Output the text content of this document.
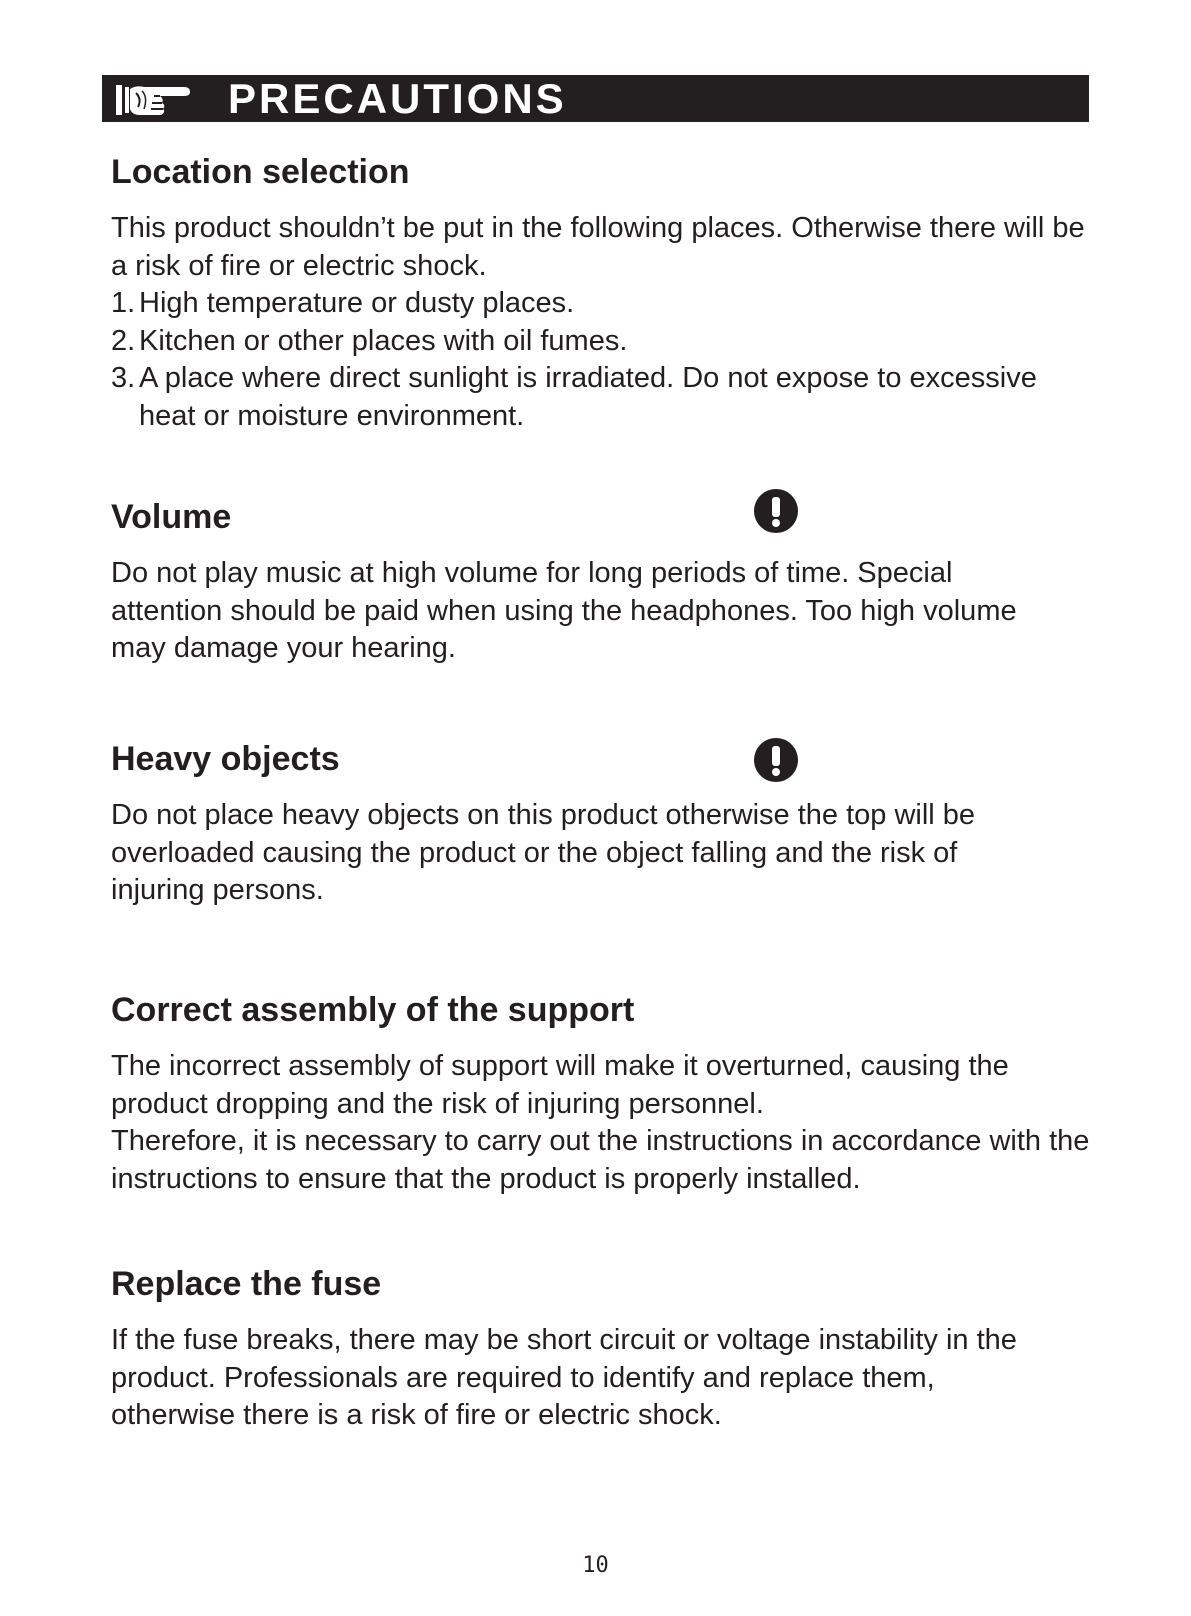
PRECAUTIONS
Location selection

This product shouldn’t be put in the following places. Otherwise there will be a risk of fire or electric shock.

1. High temperature or dusty places.
2. Kitchen or other places with oil fumes.
3. A place where direct sunlight is irradiated. Do not expose to excessive heat or moisture environment.
Volume

Do not play music at high volume for long periods of time. Special attention should be paid when using the headphones. Too high volume may damage your hearing.

Heavy objects

Do not place heavy objects on this product otherwise the top will be overloaded causing the product or the object falling and the risk of injuring persons.

Correct assembly of the support

The incorrect assembly of support will make it overturned, causing the product dropping and the risk of injuring personnel.

Therefore, it is necessary to carry out the instructions in accordance with the instructions to ensure that the product is properly installed.

Replace the fuse

If the fuse breaks, there may be short circuit or voltage instability in the product. Professionals are required to identify and replace them, otherwise there is a risk of fire or electric shock.

10
